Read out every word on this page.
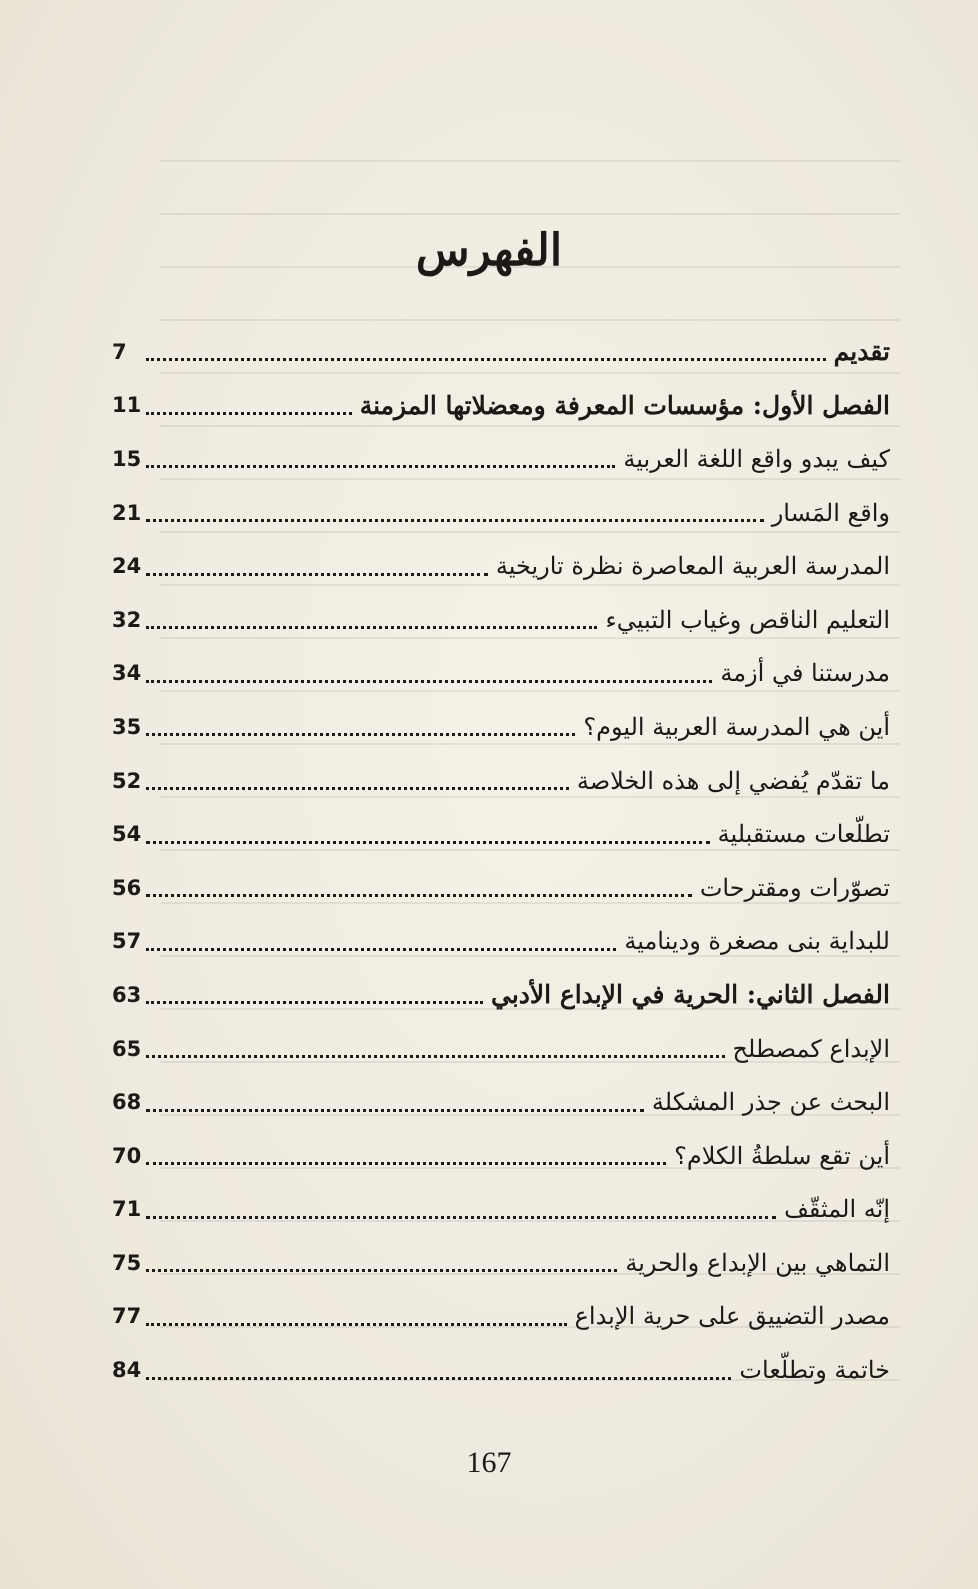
الفهرس
تقديم
7
الفصل الأول: مؤسسات المعرفة ومعضلاتها المزمنة
11
كيف يبدو واقع اللغة العربية
15
واقع المَسار
21
المدرسة العربية المعاصرة نظرة تاريخية
24
التعليم الناقص وغياب التبييء
32
مدرستنا في أزمة
34
أين هي المدرسة العربية اليوم؟
35
ما تقدّم يُفضي إلى هذه الخلاصة
52
تطلّعات مستقبلية
54
تصوّرات ومقترحات
56
للبداية بنى مصغرة ودينامية
57
الفصل الثاني: الحرية في الإبداع الأدبي
63
الإبداع كمصطلح
65
البحث عن جذر المشكلة
68
أين تقع سلطةُ الكلام؟
70
إنّه المثقّف
71
التماهي بين الإبداع والحرية
75
مصدر التضييق على حرية الإبداع
77
خاتمة وتطلّعات
84
167
